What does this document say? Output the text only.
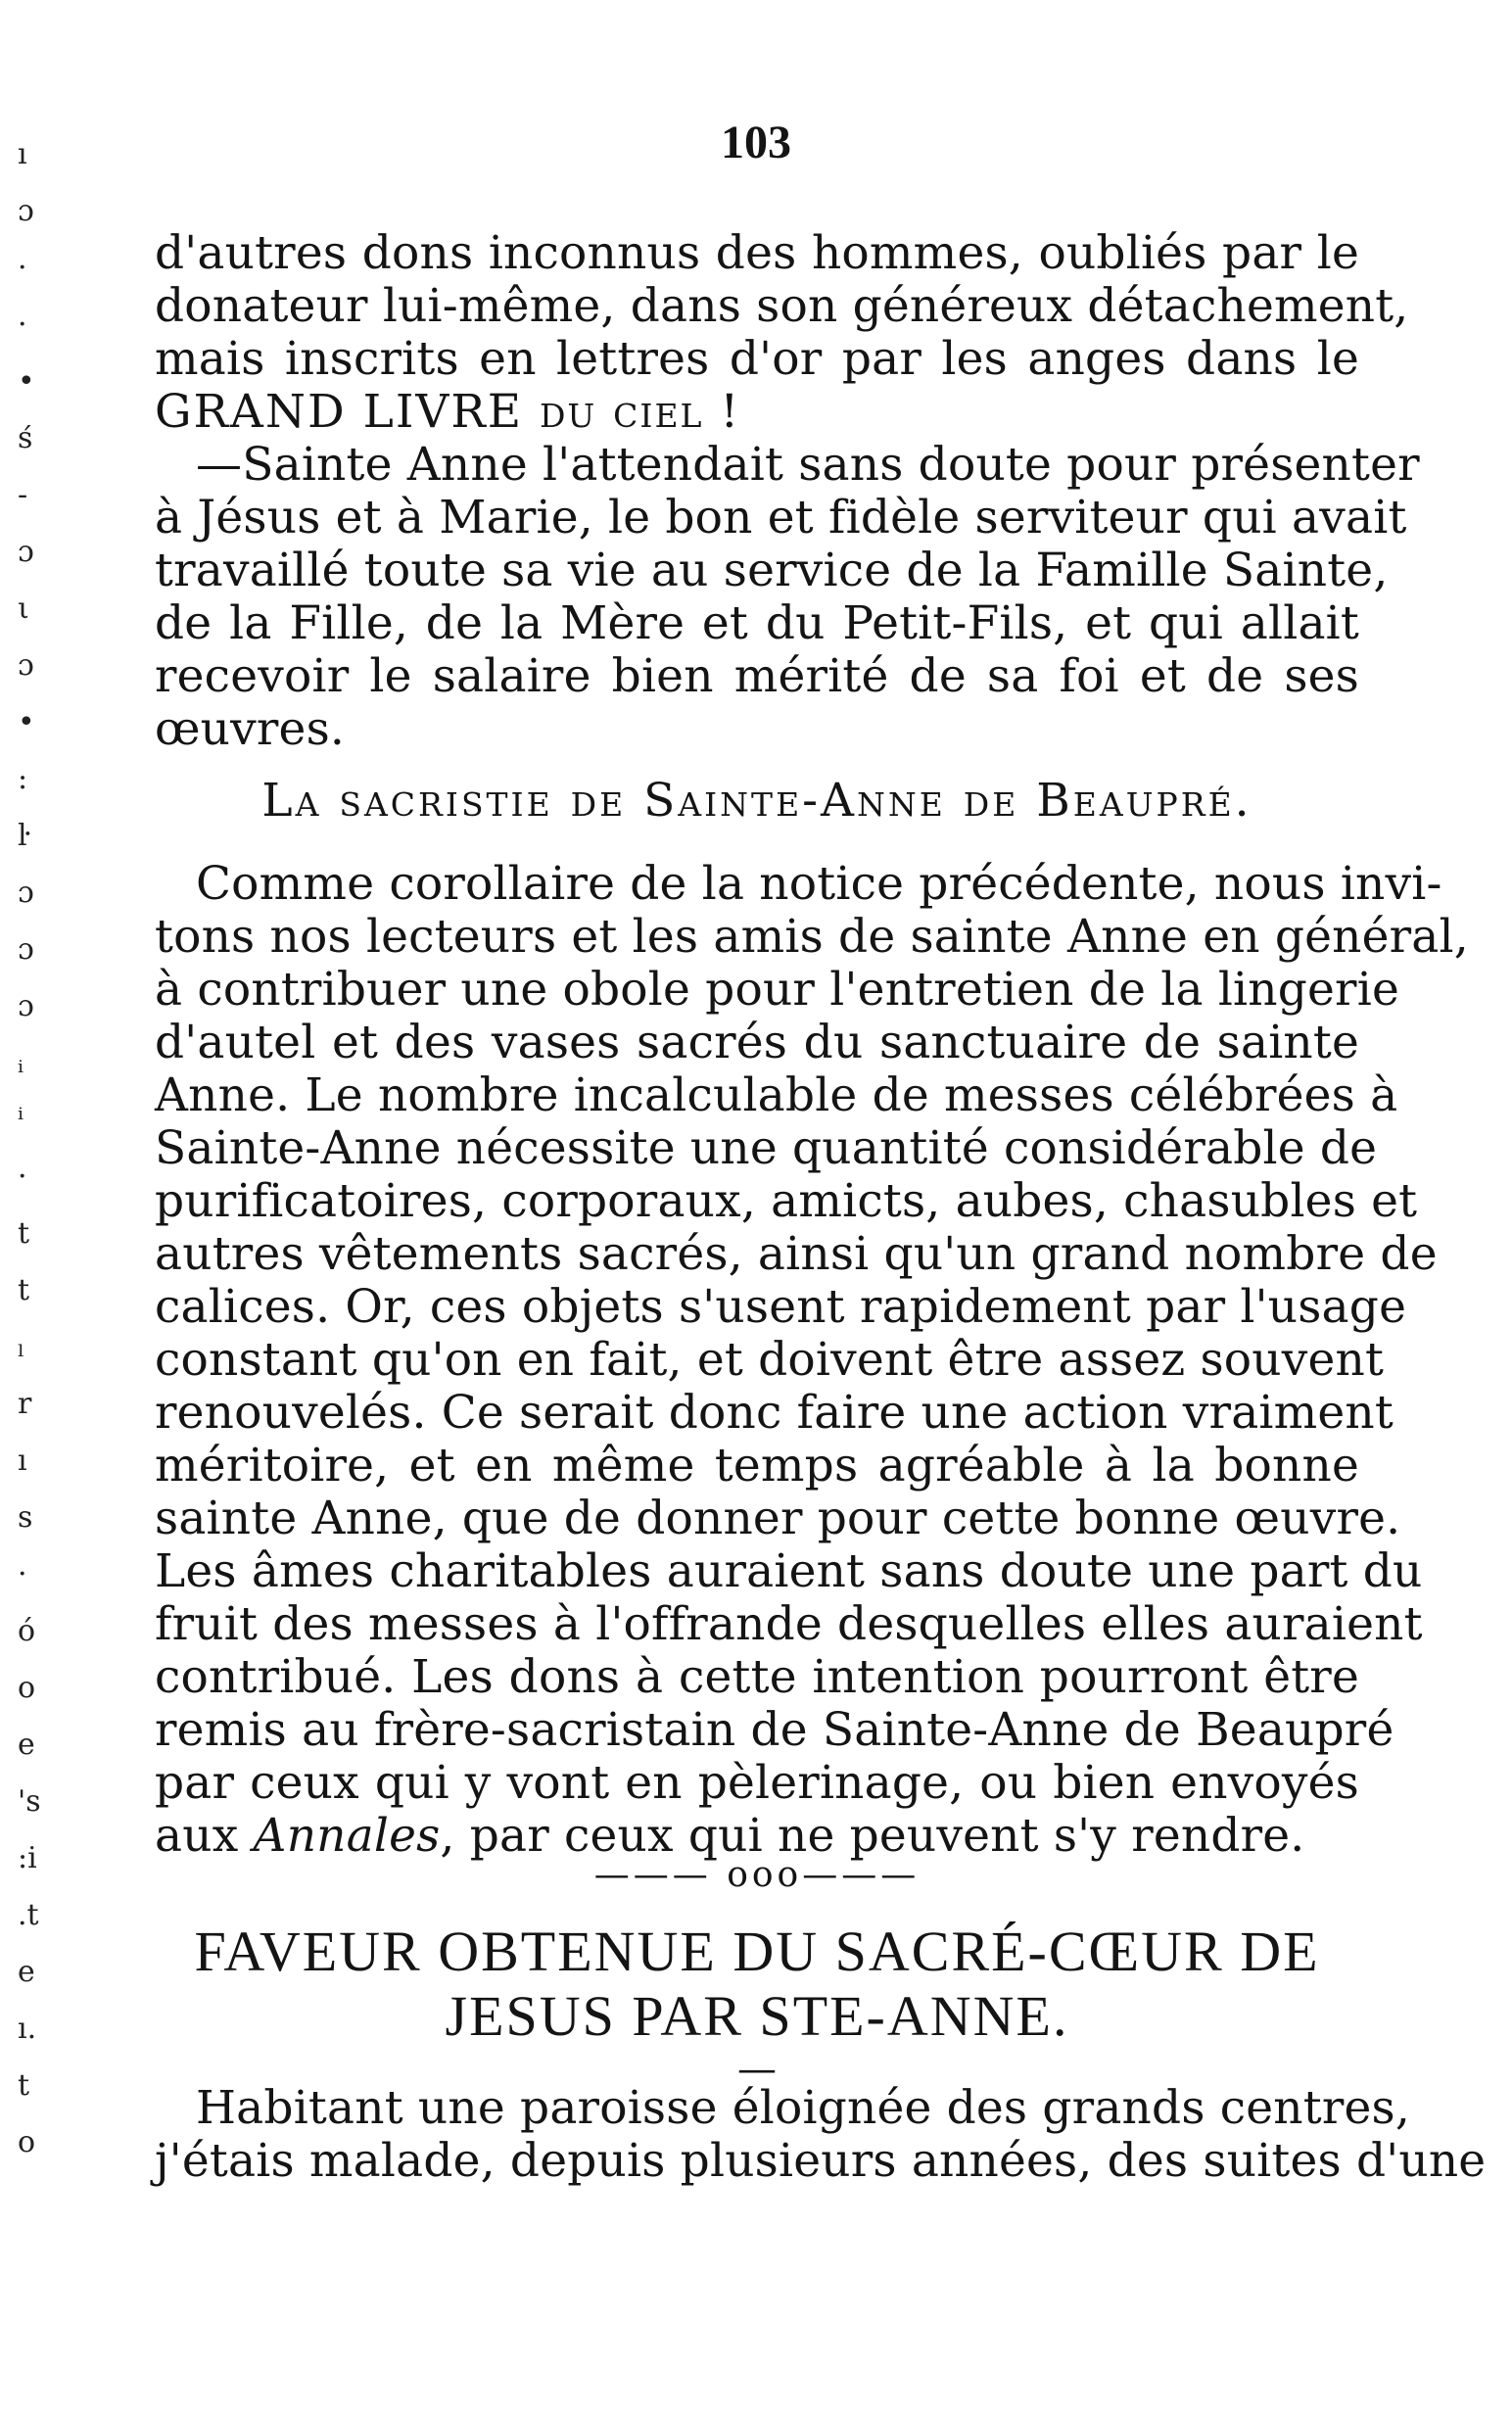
103
d'autres dons inconnus des hommes, oubliés par le
donateur lui-même, dans son généreux détachement,
mais inscrits en lettres d'or par les anges dans le
GRAND LIVRE du ciel !
—Sainte Anne l'attendait sans doute pour présenter
à Jésus et à Marie, le bon et fidèle serviteur qui avait
travaillé toute sa vie au service de la Famille Sainte,
de la Fille, de la Mère et du Petit-Fils, et qui allait
recevoir le salaire bien mérité de sa foi et de ses
œuvres.
La sacristie de Sainte-Anne de Beaupré.
Comme corollaire de la notice précédente, nous invi-
tons nos lecteurs et les amis de sainte Anne en général,
à contribuer une obole pour l'entretien de la lingerie
d'autel et des vases sacrés du sanctuaire de sainte
Anne. Le nombre incalculable de messes célébrées à
Sainte-Anne nécessite une quantité considérable de
purificatoires, corporaux, amicts, aubes, chasubles et
autres vêtements sacrés, ainsi qu'un grand nombre de
calices. Or, ces objets s'usent rapidement par l'usage
constant qu'on en fait, et doivent être assez souvent
renouvelés. Ce serait donc faire une action vraiment
méritoire, et en même temps agréable à la bonne
sainte Anne, que de donner pour cette bonne œuvre.
Les âmes charitables auraient sans doute une part du
fruit des messes à l'offrande desquelles elles auraient
contribué. Les dons à cette intention pourront être
remis au frère-sacristain de Sainte-Anne de Beaupré
par ceux qui y vont en pèlerinage, ou bien envoyés
aux Annales, par ceux qui ne peuvent s'y rendre.
——— ooo———
FAVEUR OBTENUE DU SACRÉ-CŒUR DE
JESUS PAR STE-ANNE.
—
Habitant une paroisse éloignée des grands centres,
j'étais malade, depuis plusieurs années, des suites d'une
ı
ɔ
·
·
•
ś
-
ɔ
ι
ɔ
•
:
ŀ
ɔ
ɔ
ɔ
ᵢ
ⁱ
·
t
t
ₗ
r
ı
s
·
ó
o
e
's
:i
.t
e
ı.
t
o
